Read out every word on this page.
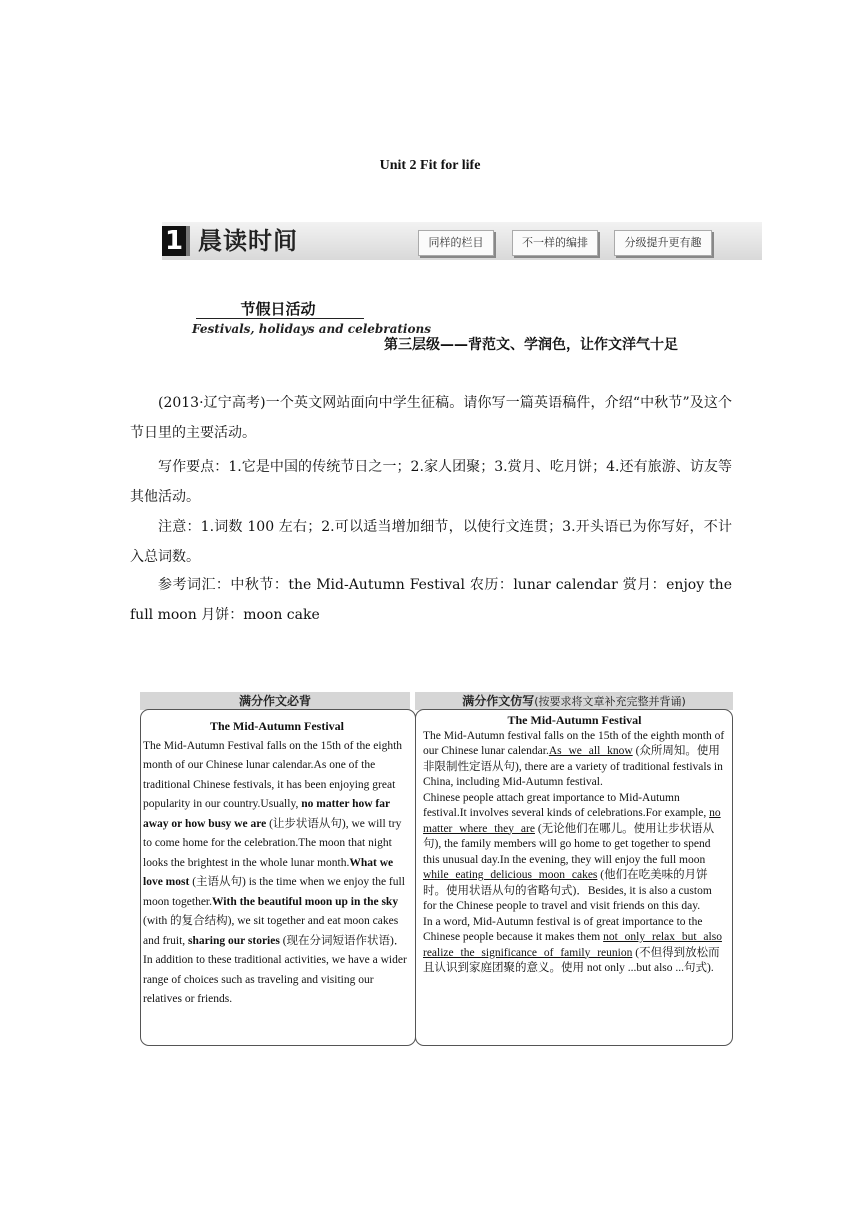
Unit 2 Fit for life
1 晨读时间	同样的栏目	不一样的编排	分级提升更有趣
节假日活动
Festivals, holidays and celebrations
第三层级——背范文、学润色，让作文洋气十足
(2013·辽宁高考)一个英文网站面向中学生征稿。请你写一篇英语稿件，介绍“中秋节”及这个节日里的主要活动。
写作要点：1.它是中国的传统节日之一；2.家人团聚；3.赏月、吃月饼；4.还有旅游、访友等其他活动。
注意：1.词数 100 左右；2.可以适当增加细节，以使行文连贯；3.开头语已为你写好，不计入总词数。
参考词汇：中秋节：the Mid-Autumn Festival 农历：lunar calendar 赏月：enjoy the full moon 月饼：moon cake
满分作文必背	满分作文仿写(按要求将文章补充完整并背诵)
The Mid-Autumn Festival

The Mid-Autumn Festival falls on the 15th of the eighth month of our Chinese lunar calendar.As one of the traditional Chinese festivals, it has been enjoying great popularity in our country.Usually, no matter how far away or how busy we are (让步状语从句), we will try to come home for the celebration.The moon that night looks the brightest in the whole lunar month.What we love most (主语从句) is the time when we enjoy the full moon together.With the beautiful moon up in the sky (with 的复合结构), we sit together and eat moon cakes and fruit, sharing our stories (现在分词短语作状语)．In addition to these traditional activities, we have a wider range of choices such as traveling and visiting our relatives or friends.

The Mid-Autumn Festival

The Mid-Autumn festival falls on the 15th of the eighth month of our Chinese lunar calendar.As we all know (众所周知。使用非限制性定语从句), there are a variety of traditional festivals in China, including Mid-Autumn festival.

Chinese people attach great importance to Mid-Autumn festival.It involves several kinds of celebrations.For example, no matter where they are (无论他们在哪儿。使用让步状语从句), the family members will go home to get together to spend this unusual day.In the evening, they will enjoy the full moon while eating delicious moon cakes (他们在吃美味的月饼时。使用状语从句的省略句式)．Besides, it is also a custom for the Chinese people to travel and visit friends on this day.

In a word, Mid-Autumn festival is of great importance to the Chinese people because it makes them not only relax but also realize the significance of family reunion (不但得到放松而且认识到家庭团聚的意义。使用 not only ...but also ...句式).
